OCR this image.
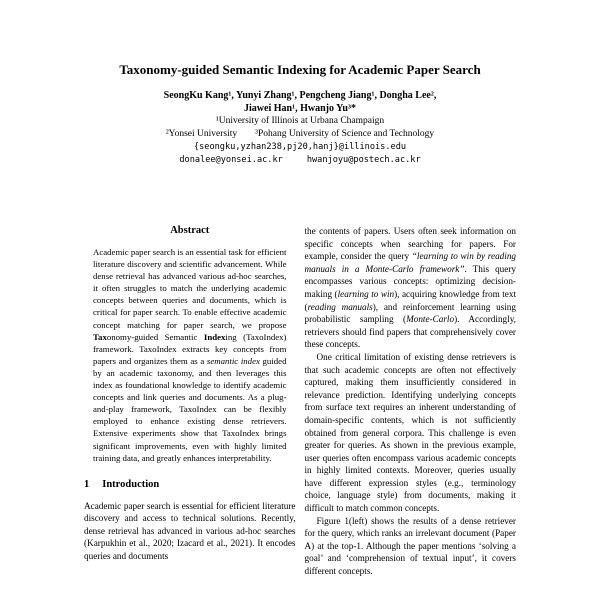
Taxonomy-guided Semantic Indexing for Academic Paper Search
SeongKu Kang¹, Yunyi Zhang¹, Pengcheng Jiang¹, Dongha Lee²,
Jiawei Han¹, Hwanjo Yu³*
¹University of Illinois at Urbana Champaign
²Yonsei University ³Pohang University of Science and Technology
{seongku,yzhan238,pj20,hanj}@illinois.edu
donalee@yonsei.ac.kr	hwanjoyu@postech.ac.kr
Abstract

Academic paper search is an essential task for efficient literature discovery and scientific advancement. While dense retrieval has advanced various ad-hoc searches, it often struggles to match the underlying academic concepts between queries and documents, which is critical for paper search. To enable effective academic concept matching for paper search, we propose Taxonomy-guided Semantic Indexing (TaxoIndex) framework. TaxoIndex extracts key concepts from papers and organizes them as a semantic index guided by an academic taxonomy, and then leverages this index as foundational knowledge to identify academic concepts and link queries and documents. As a plug-and-play framework, TaxoIndex can be flexibly employed to enhance existing dense retrievers. Extensive experiments show that TaxoIndex brings significant improvements, even with highly limited training data, and greatly enhances interpretability.

1 Introduction

Academic paper search is essential for efficient literature discovery and access to technical solutions. Recently, dense retrieval has advanced in various ad-hoc searches (Karpukhin et al., 2020; Izacard et al., 2021). It encodes queries and documents

the contents of papers. Users often seek information on specific concepts when searching for papers. For example, consider the query “learning to win by reading manuals in a Monte-Carlo framework”. This query encompasses various concepts: optimizing decision-making (learning to win), acquiring knowledge from text (reading manuals), and reinforcement learning using probabilistic sampling (Monte-Carlo). Accordingly, retrievers should find papers that comprehensively cover these concepts.

One critical limitation of existing dense retrievers is that such academic concepts are often not effectively captured, making them insufficiently considered in relevance prediction. Identifying underlying concepts from surface text requires an inherent understanding of domain-specific contents, which is not sufficiently obtained from general corpora. This challenge is even greater for queries. As shown in the previous example, user queries often encompass various academic concepts in highly limited contexts. Moreover, queries usually have different expression styles (e.g., terminology choice, language style) from documents, making it difficult to match common concepts.

Figure 1(left) shows the results of a dense retriever for the query, which ranks an irrelevant document (Paper A) at the top-1. Although the paper mentions ‘solving a goal’ and ‘comprehension of textual input’, it covers different concepts.
